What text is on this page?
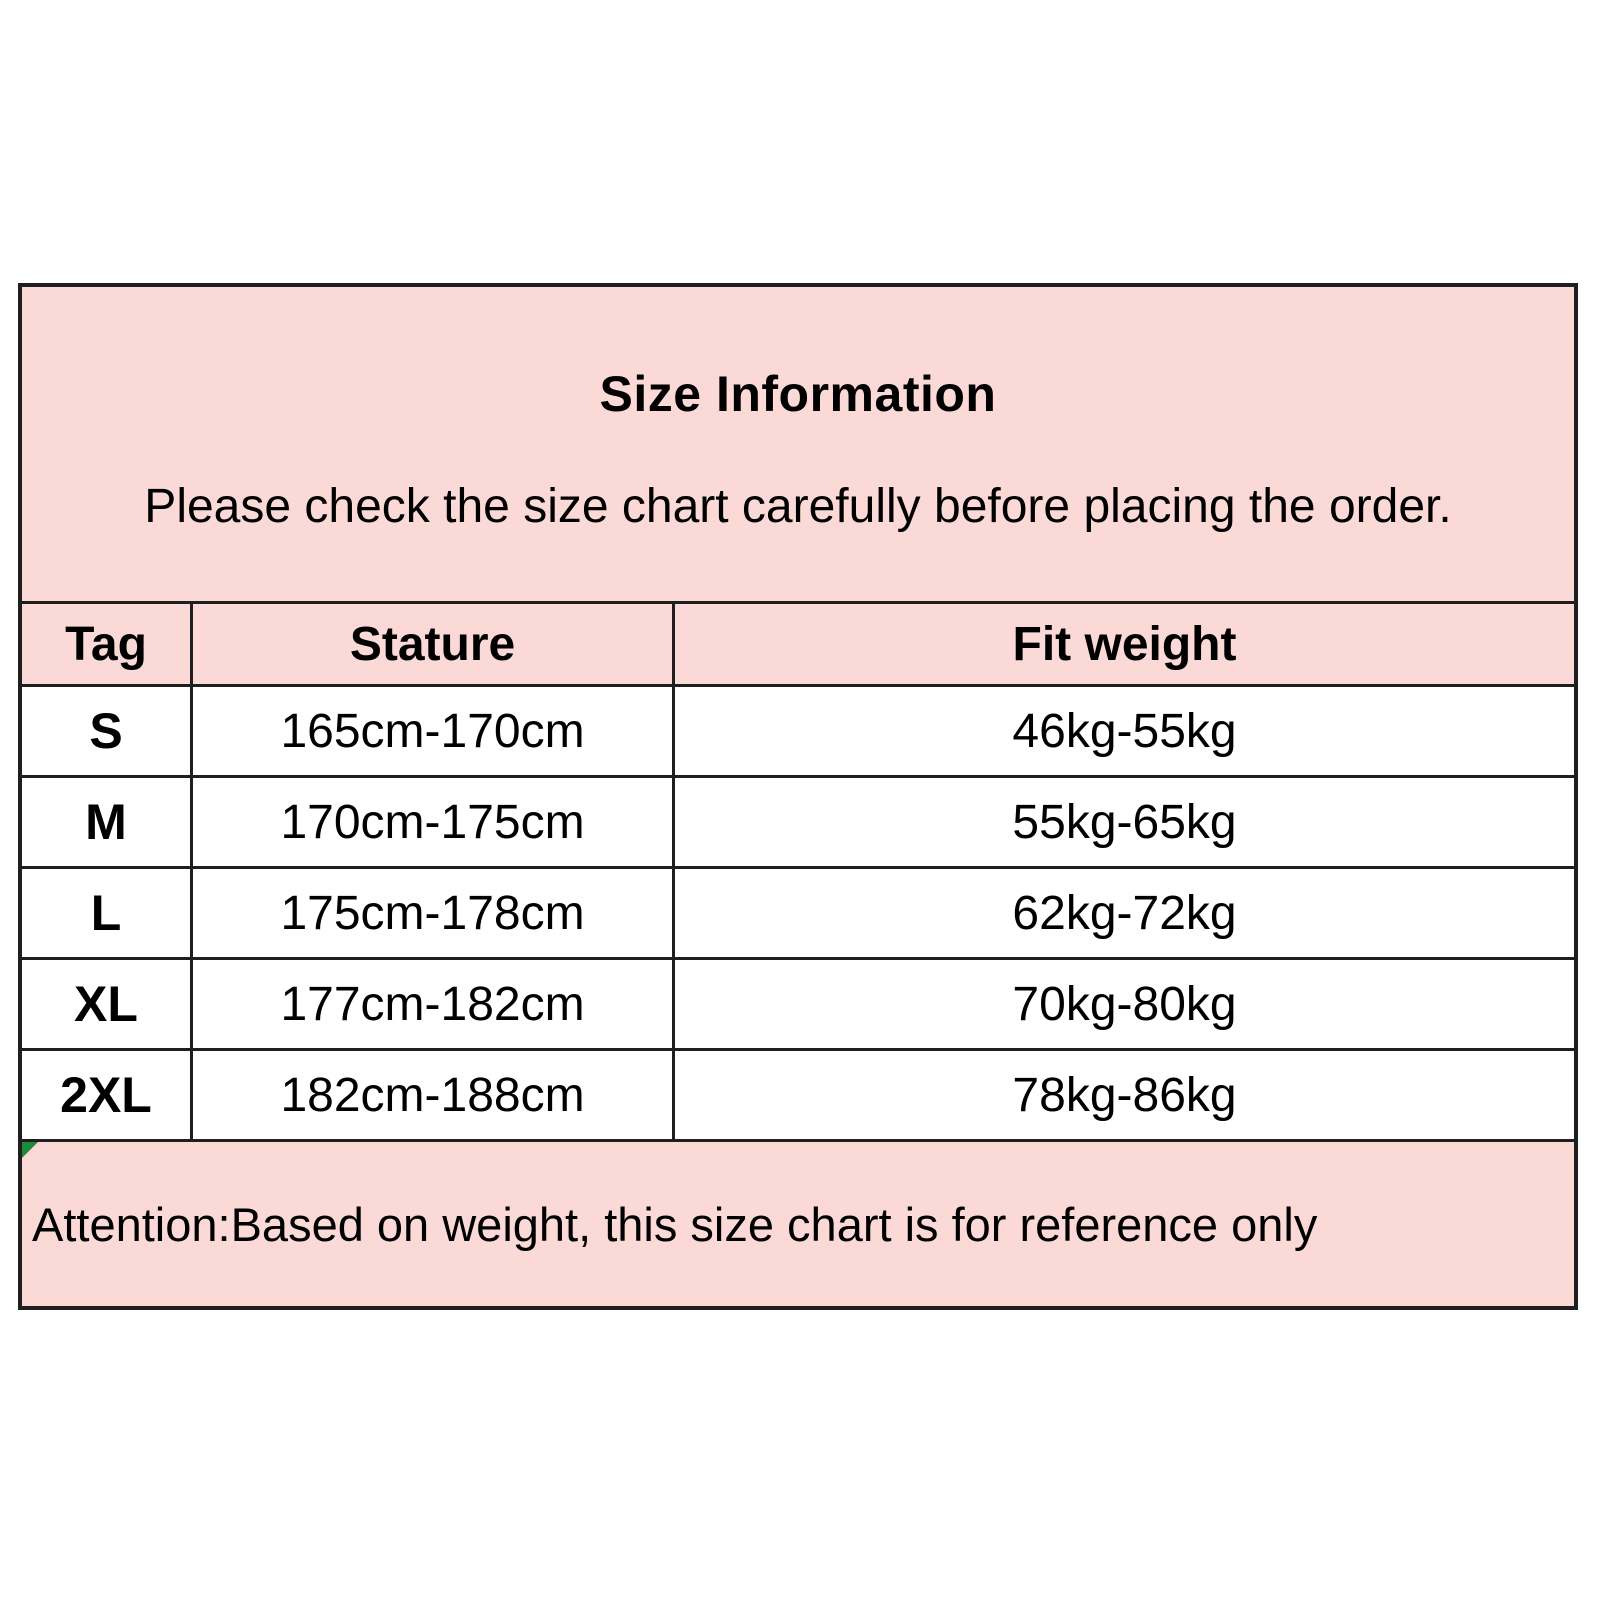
Size Information
Please check the size chart carefully before placing the order.
Tag	Stature	Fit weight
S	165cm-170cm	46kg-55kg
M	170cm-175cm	55kg-65kg
L	175cm-178cm	62kg-72kg
XL	177cm-182cm	70kg-80kg
2XL	182cm-188cm	78kg-86kg
Attention:Based on weight, this size chart is for reference only
